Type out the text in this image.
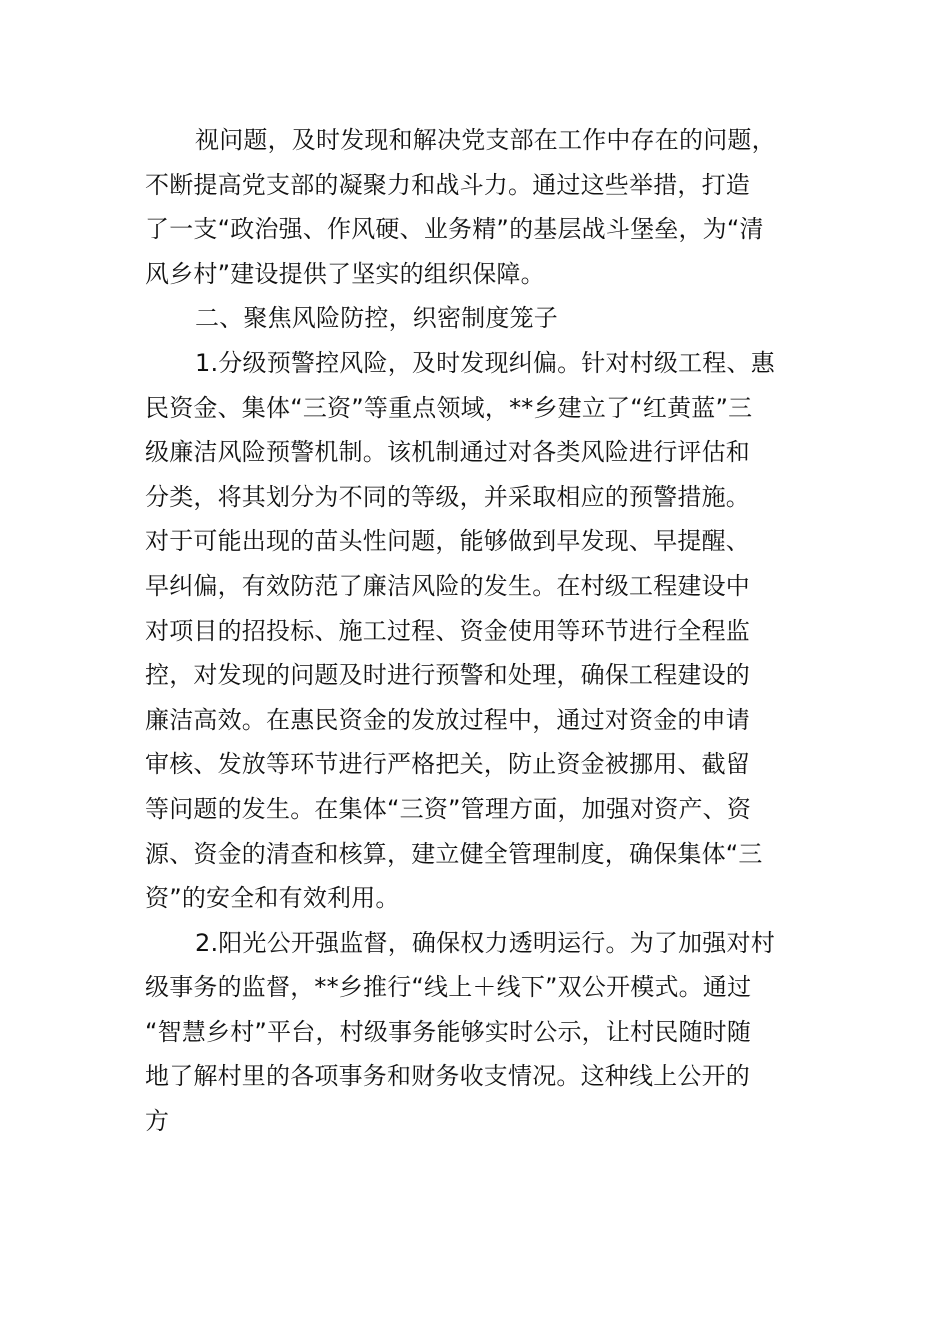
视问题，及时发现和解决党支部在工作中存在的问题，
不断提高党支部的凝聚力和战斗力。通过这些举措，打造
了一支“政治强、作风硬、业务精”的基层战斗堡垒，为“清
风乡村”建设提供了坚实的组织保障。
二、聚焦风险防控，织密制度笼子
1.分级预警控风险，及时发现纠偏。针对村级工程、惠
民资金、集体“三资”等重点领域，**乡建立了“红黄蓝”三
级廉洁风险预警机制。该机制通过对各类风险进行评估和
分类，将其划分为不同的等级，并采取相应的预警措施。
对于可能出现的苗头性问题，能够做到早发现、早提醒、
早纠偏，有效防范了廉洁风险的发生。在村级工程建设中
对项目的招投标、施工过程、资金使用等环节进行全程监
控，对发现的问题及时进行预警和处理，确保工程建设的
廉洁高效。在惠民资金的发放过程中，通过对资金的申请
审核、发放等环节进行严格把关，防止资金被挪用、截留
等问题的发生。在集体“三资”管理方面，加强对资产、资
源、资金的清查和核算，建立健全管理制度，确保集体“三
资”的安全和有效利用。
2.阳光公开强监督，确保权力透明运行。为了加强对村
级事务的监督，**乡推行“线上＋线下”双公开模式。通过
“智慧乡村”平台，村级事务能够实时公示，让村民随时随
地了解村里的各项事务和财务收支情况。这种线上公开的
方
